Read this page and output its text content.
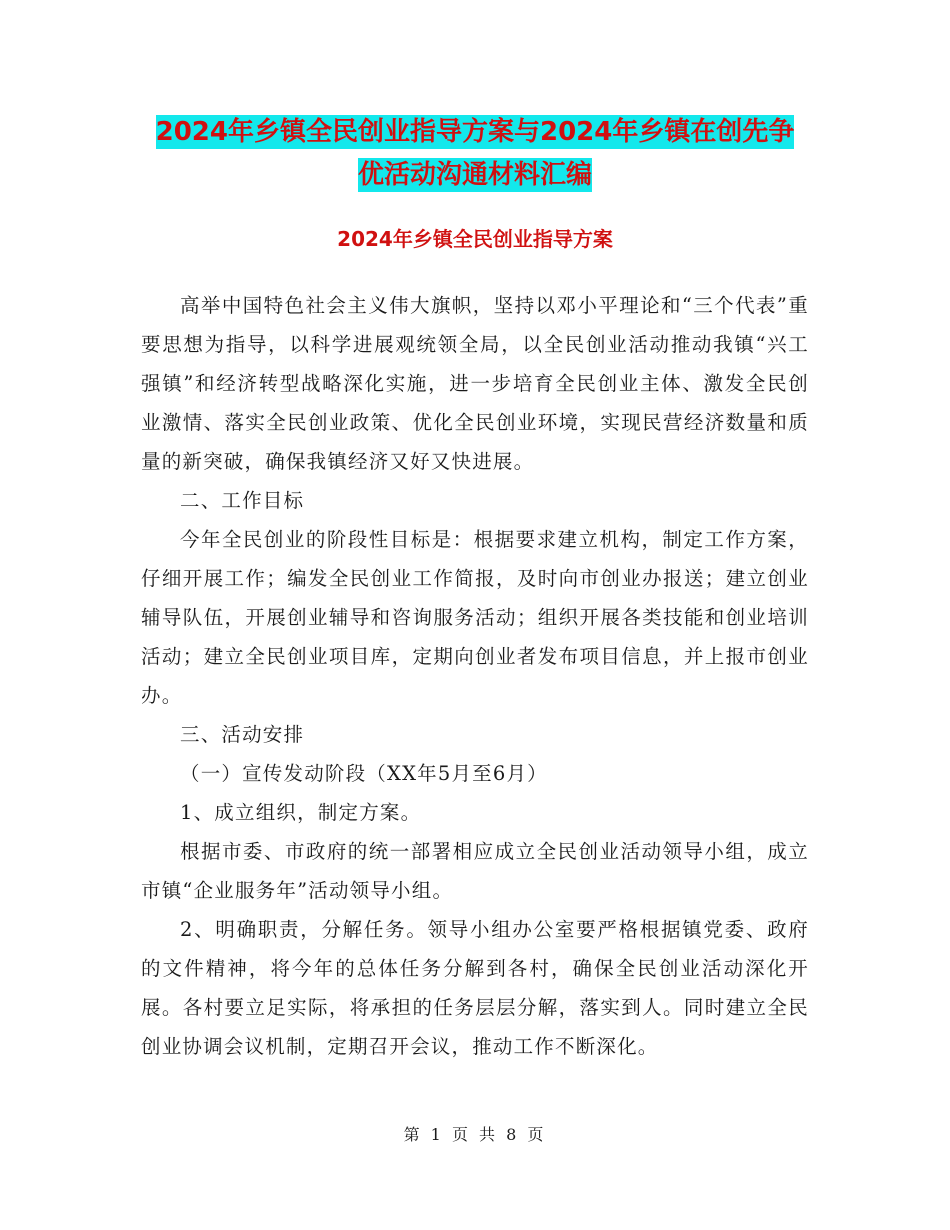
2024年乡镇全民创业指导方案与2024年乡镇在创先争
优活动沟通材料汇编
2024年乡镇全民创业指导方案

高举中国特色社会主义伟大旗帜，坚持以邓小平理论和“三个代表”重要思想为指导，以科学进展观统领全局，以全民创业活动推动我镇“兴工强镇”和经济转型战略深化实施，进一步培育全民创业主体、激发全民创业激情、落实全民创业政策、优化全民创业环境，实现民营经济数量和质量的新突破，确保我镇经济又好又快进展。

二、工作目标

今年全民创业的阶段性目标是：根据要求建立机构，制定工作方案，仔细开展工作；编发全民创业工作简报，及时向市创业办报送；建立创业辅导队伍，开展创业辅导和咨询服务活动；组织开展各类技能和创业培训活动；建立全民创业项目库，定期向创业者发布项目信息，并上报市创业办。

三、活动安排

（一）宣传发动阶段（XX年5月至6月）

1、成立组织，制定方案。

根据市委、市政府的统一部署相应成立全民创业活动领导小组，成立市镇“企业服务年”活动领导小组。

2、明确职责，分解任务。领导小组办公室要严格根据镇党委、政府的文件精神，将今年的总体任务分解到各村，确保全民创业活动深化开展。各村要立足实际，将承担的任务层层分解，落实到人。同时建立全民创业协调会议机制，定期召开会议，推动工作不断深化。

第 1 页 共 8 页
